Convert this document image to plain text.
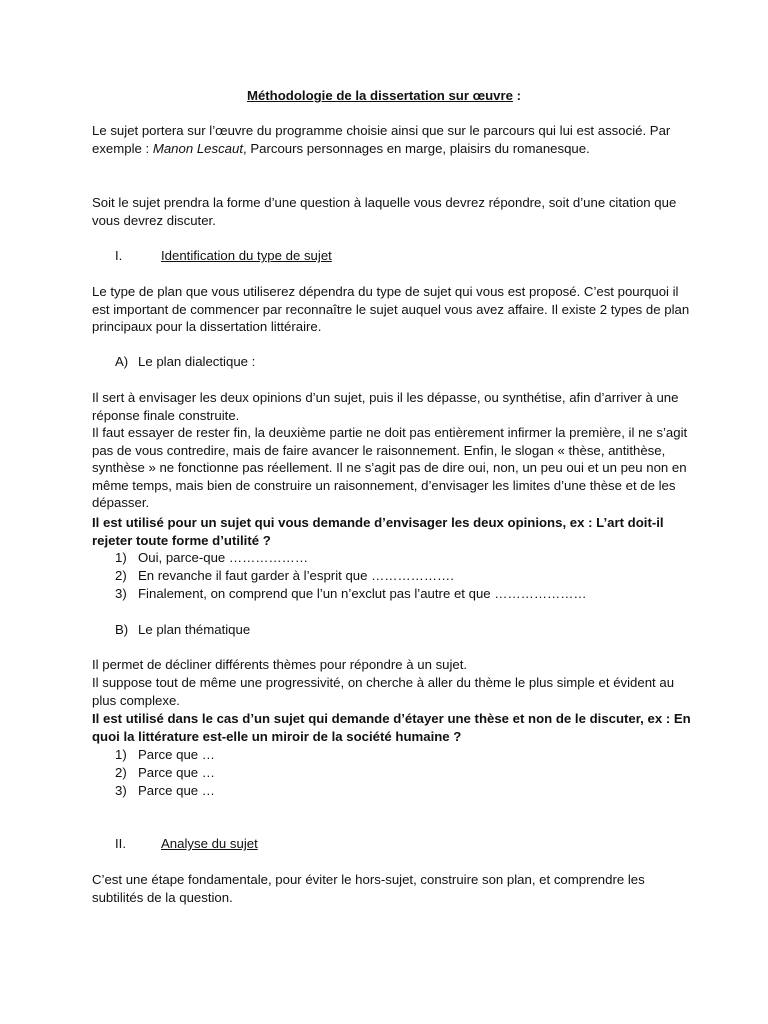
Méthodologie de la dissertation sur œuvre :
Le sujet portera sur l’œuvre du programme choisie ainsi que sur le parcours qui lui est associé. Par exemple : Manon Lescaut, Parcours personnages en marge, plaisirs du romanesque.
Soit le sujet prendra la forme d’une question à laquelle vous devrez répondre, soit d’une citation que vous devrez discuter.
I.	Identification du type de sujet
Le type de plan que vous utiliserez dépendra du type de sujet qui vous est proposé. C’est pourquoi il est important de commencer par reconnaître le sujet auquel vous avez affaire. Il existe 2 types de plan principaux pour la dissertation littéraire.
A) Le plan dialectique :
Il sert à envisager les deux opinions d’un sujet, puis il les dépasse, ou synthétise, afin d’arriver à une réponse finale construite.
Il faut essayer de rester fin, la deuxième partie ne doit pas entièrement infirmer la première, il ne s’agit pas de vous contredire, mais de faire avancer le raisonnement. Enfin, le slogan « thèse, antithèse, synthèse » ne fonctionne pas réellement. Il ne s’agit pas de dire oui, non, un peu oui et un peu non en même temps, mais bien de construire un raisonnement, d’envisager les limites d’une thèse et de les dépasser.
Il est utilisé pour un sujet qui vous demande d’envisager les deux opinions, ex : L’art doit-il rejeter toute forme d’utilité ?
1) Oui, parce-que ………………
2) En revanche il faut garder à l’esprit que ……………….
3) Finalement, on comprend que l’un n’exclut pas l’autre et que …………………
B) Le plan thématique
Il permet de décliner différents thèmes pour répondre à un sujet.
Il suppose tout de même une progressivité, on cherche à aller du thème le plus simple et évident au plus complexe.
Il est utilisé dans le cas d’un sujet qui demande d’étayer une thèse et non de le discuter, ex : En quoi la littérature est-elle un miroir de la société humaine ?
1) Parce que …
2) Parce que …
3) Parce que …
II.	Analyse du sujet
C’est une étape fondamentale, pour éviter le hors-sujet, construire son plan, et comprendre les subtilités de la question.
